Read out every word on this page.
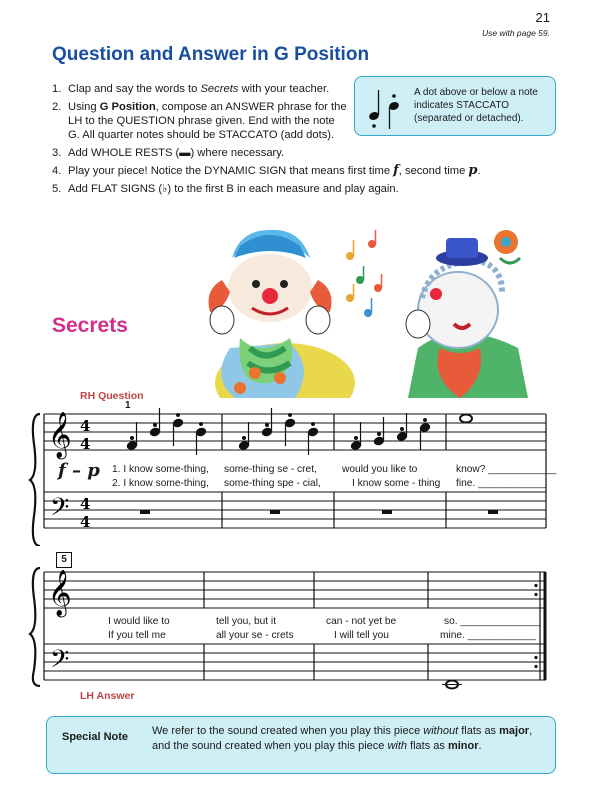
21
Use with page 59.
Question and Answer in G Position
1. Clap and say the words to Secrets with your teacher.
2. Using G Position, compose an ANSWER phrase for the LH to the QUESTION phrase given. End with the note G. All quarter notes should be STACCATO (add dots).
3. Add WHOLE RESTS (▬) where necessary.
4. Play your piece! Notice the DYNAMIC SIGN that means first time f, second time p.
5. Add FLAT SIGNS (♭) to the first B in each measure and play again.
A dot above or below a note indicates STACCATO (separated or detached).
Secrets
RH Question
𝄞
𝄢
4
4
4
4
1
f – p 1. I know some-thing,
2. I know some-thing,
some-thing se - cret,
some-thing spe - cial,
would you like to
I know some - thing
know? ____________
fine. ____________
5
𝄞
𝄢
I would like to
If you tell me
tell you, but it
all your se - crets
can - not yet be
I will tell you
so. ______________
mine. ____________
LH Answer
Special Note We refer to the sound created when you play this piece without flats as major,
and the sound created when you play this piece with flats as minor.
